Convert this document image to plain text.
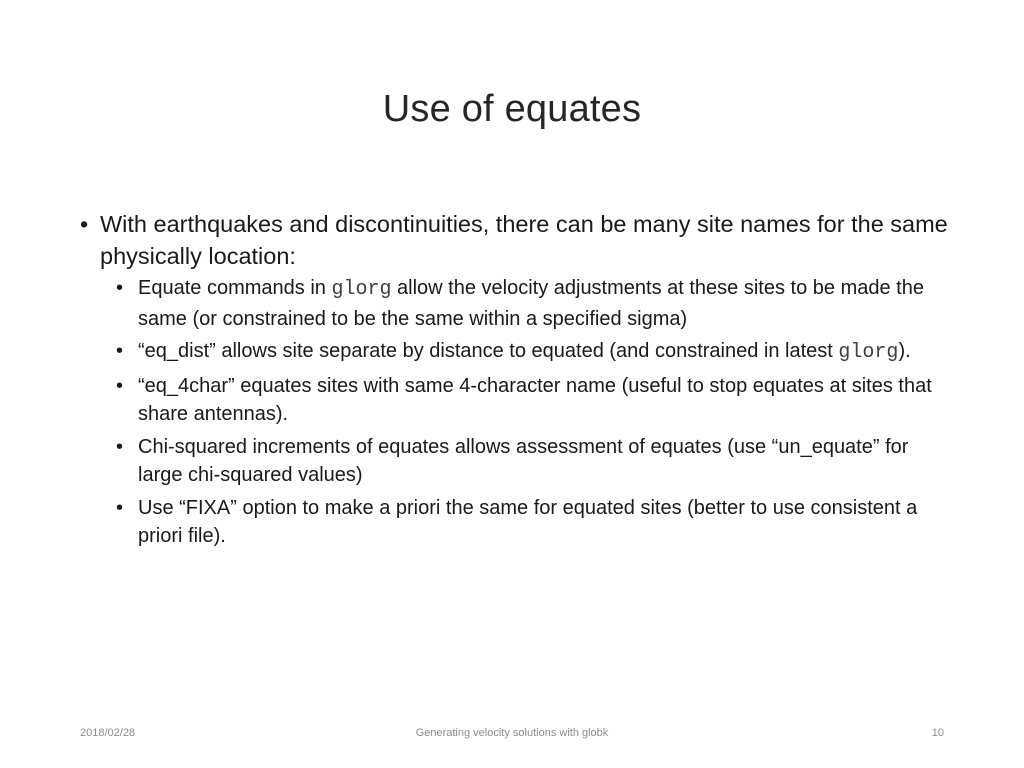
Use of equates

• With earthquakes and discontinuities, there can be many site names for the same physically location:

• Equate commands in glorg allow the velocity adjustments at these sites to be made the same (or constrained to be the same within a specified sigma)
• “eq_dist” allows site separate by distance to equated (and constrained in latest glorg).
• “eq_4char” equates sites with same 4-character name (useful to stop equates at sites that share antennas).
• Chi-squared increments of equates allows assessment of equates (use “un_equate” for large chi-squared values)
• Use “FIXA” option to make a priori the same for equated sites (better to use consistent a priori file).
2018/02/28	Generating velocity solutions with globk	10
